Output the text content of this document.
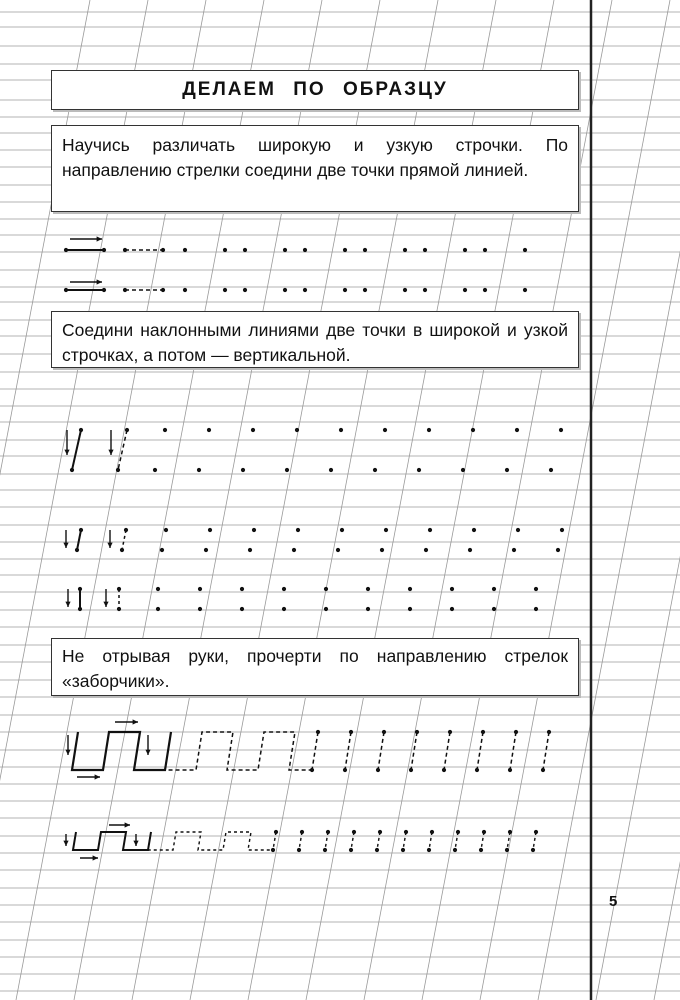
ДЕЛАЕМ ПО ОБРАЗЦУ
Научись различать широкую и узкую строчки. По направлению стрелки соедини две точки прямой линией.
Соедини наклонными линиями две точки в широкой и узкой строчках, а потом — вертикальной.
Не отрывая руки, прочерти по направлению стрелок «заборчики».
5
